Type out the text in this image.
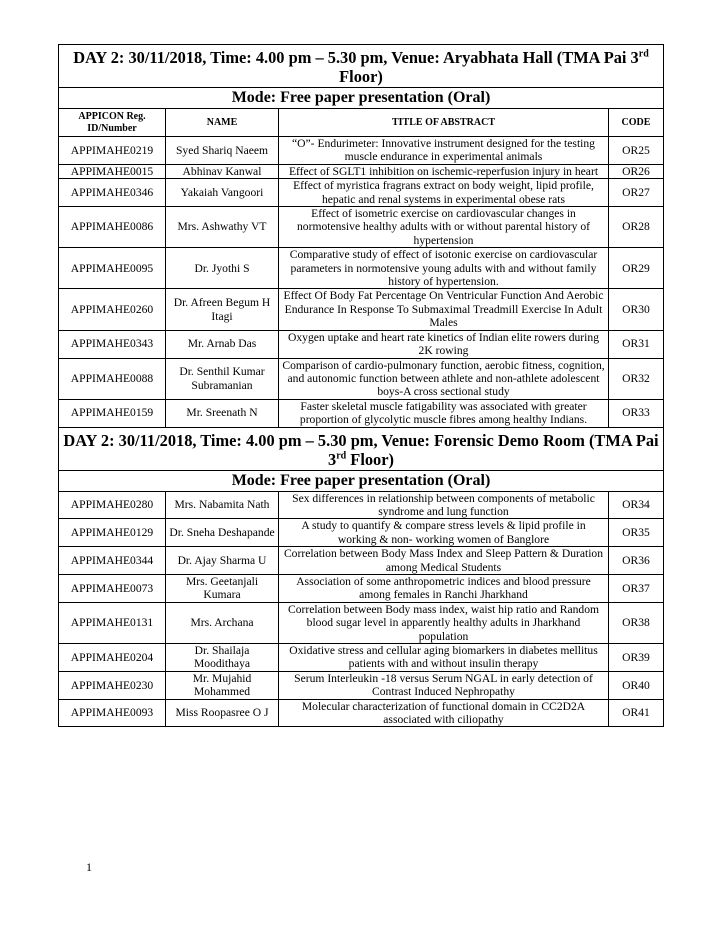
DAY 2: 30/11/2018, Time: 4.00 pm – 5.30 pm, Venue: Aryabhata Hall (TMA Pai 3rd Floor)			
Mode: Free paper presentation (Oral)			
APPICON Reg. ID/Number	NAME	TITLE OF ABSTRACT	CODE
APPIMAHE0219	Syed Shariq Naeem	“O”- Endurimeter: Innovative instrument designed for the testing muscle endurance in experimental animals	OR25
APPIMAHE0015	Abhinav Kanwal	Effect of SGLT1 inhibition on ischemic-reperfusion injury in heart	OR26
APPIMAHE0346	Yakaiah Vangoori	Effect of myristica fragrans extract on body weight, lipid profile, hepatic and renal systems in experimental obese rats	OR27
APPIMAHE0086	Mrs. Ashwathy VT	Effect of isometric exercise on cardiovascular changes in normotensive healthy adults with or without parental history of hypertension	OR28
APPIMAHE0095	Dr. Jyothi S	Comparative study of effect of isotonic exercise on cardiovascular parameters in normotensive young adults with and without family history of hypertension.	OR29
APPIMAHE0260	Dr. Afreen Begum H Itagi	Effect Of Body Fat Percentage On Ventricular Function And Aerobic Endurance In Response To Submaximal Treadmill Exercise In Adult Males	OR30
APPIMAHE0343	Mr. Arnab Das	Oxygen uptake and heart rate kinetics of Indian elite rowers during 2K rowing	OR31
APPIMAHE0088	Dr. Senthil Kumar Subramanian	Comparison of cardio-pulmonary function, aerobic fitness, cognition, and autonomic function between athlete and non-athlete adolescent boys-A cross sectional study	OR32
APPIMAHE0159	Mr. Sreenath N	Faster skeletal muscle fatigability was associated with greater proportion of glycolytic muscle fibres among healthy Indians.	OR33
DAY 2: 30/11/2018, Time: 4.00 pm – 5.30 pm, Venue: Forensic Demo Room (TMA Pai 3rd Floor)			
Mode: Free paper presentation (Oral)			
APPIMAHE0280	Mrs. Nabamita Nath	Sex differences in relationship between components of metabolic syndrome and lung function	OR34
APPIMAHE0129	Dr. Sneha Deshapande	A study to quantify & compare stress levels & lipid profile in working & non- working women of Banglore	OR35
APPIMAHE0344	Dr. Ajay Sharma U	Correlation between Body Mass Index and Sleep Pattern & Duration among Medical Students	OR36
APPIMAHE0073	Mrs. Geetanjali Kumara	Association of some anthropometric indices and blood pressure among females in Ranchi Jharkhand	OR37
APPIMAHE0131	Mrs. Archana	Correlation between Body mass index, waist hip ratio and Random blood sugar level in apparently healthy adults in Jharkhand population	OR38
APPIMAHE0204	Dr. Shailaja Moodithaya	Oxidative stress and cellular aging biomarkers in diabetes mellitus patients with and without insulin therapy	OR39
APPIMAHE0230	Mr. Mujahid Mohammed	Serum Interleukin -18 versus Serum NGAL in early detection of Contrast Induced Nephropathy	OR40
APPIMAHE0093	Miss Roopasree O J	Molecular characterization of functional domain in CC2D2A associated with ciliopathy	OR41
1
